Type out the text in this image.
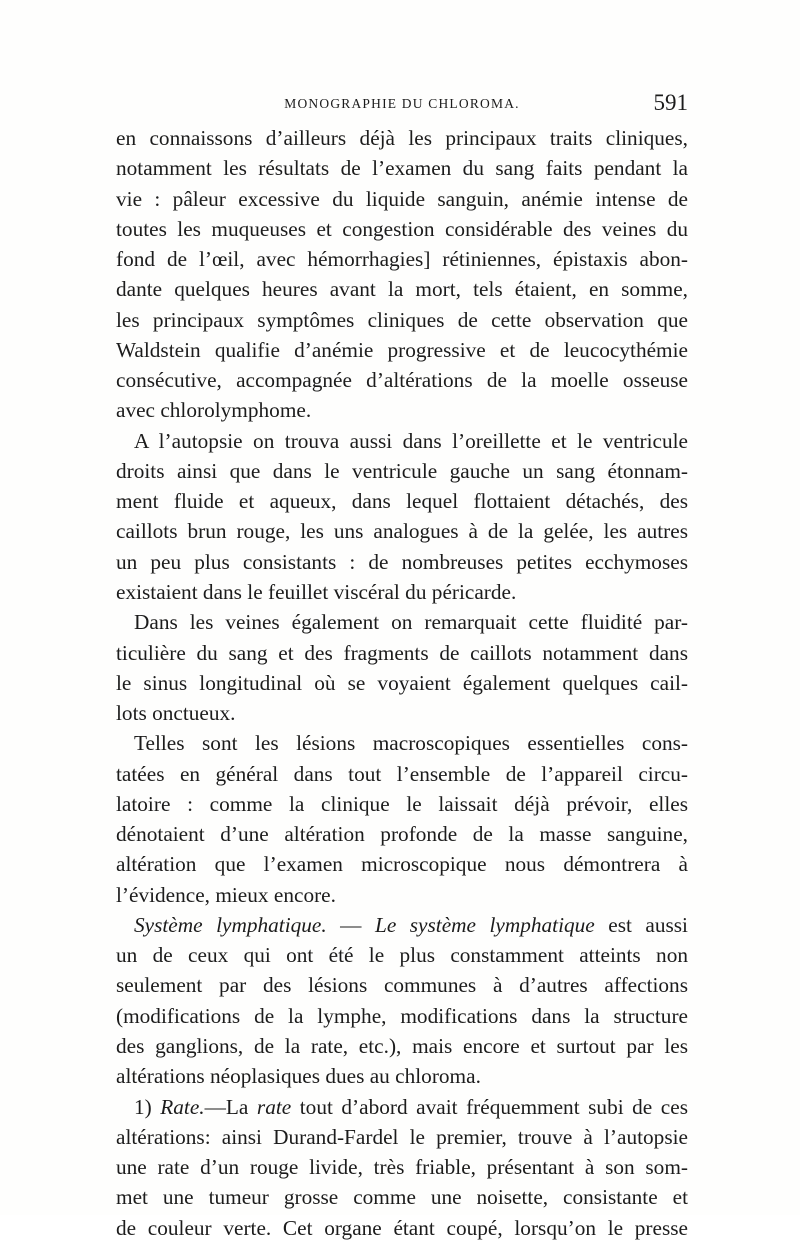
MONOGRAPHIE DU CHLOROMA.	591
en connaissons d’ailleurs déjà les principaux traits cliniques,
notamment les résultats de l’examen du sang faits pendant la
vie : pâleur excessive du liquide sanguin, anémie intense de
toutes les muqueuses et congestion considérable des veines du
fond de l’œil, avec hémorrhagies] rétiniennes, épistaxis abon-
dante quelques heures avant la mort, tels étaient, en somme,
les principaux symptômes cliniques de cette observation que
Waldstein qualifie d’anémie progressive et de leucocythémie
consécutive, accompagnée d’altérations de la moelle osseuse
avec chlorolymphome.
A l’autopsie on trouva aussi dans l’oreillette et le ventricule
droits ainsi que dans le ventricule gauche un sang étonnam-
ment fluide et aqueux, dans lequel flottaient détachés, des
caillots brun rouge, les uns analogues à de la gelée, les autres
un peu plus consistants : de nombreuses petites ecchymoses
existaient dans le feuillet viscéral du péricarde.
Dans les veines également on remarquait cette fluidité par-
ticulière du sang et des fragments de caillots notamment dans
le sinus longitudinal où se voyaient également quelques cail-
lots onctueux.
Telles sont les lésions macroscopiques essentielles cons-
tatées en général dans tout l’ensemble de l’appareil circu-
latoire : comme la clinique le laissait déjà prévoir, elles
dénotaient d’une altération profonde de la masse sanguine,
altération que l’examen microscopique nous démontrera à
l’évidence, mieux encore.
Système lymphatique. — Le système lymphatique est aussi
un de ceux qui ont été le plus constamment atteints non
seulement par des lésions communes à d’autres affections
(modifications de la lymphe, modifications dans la structure
des ganglions, de la rate, etc.), mais encore et surtout par les
altérations néoplasiques dues au chloroma.
1) Rate.—La rate tout d’abord avait fréquemment subi de ces
altérations: ainsi Durand-Fardel le premier, trouve à l’autopsie
une rate d’un rouge livide, très friable, présentant à son som-
met une tumeur grosse comme une noisette, consistante et
de couleur verte. Cet organe étant coupé, lorsqu’on le presse
